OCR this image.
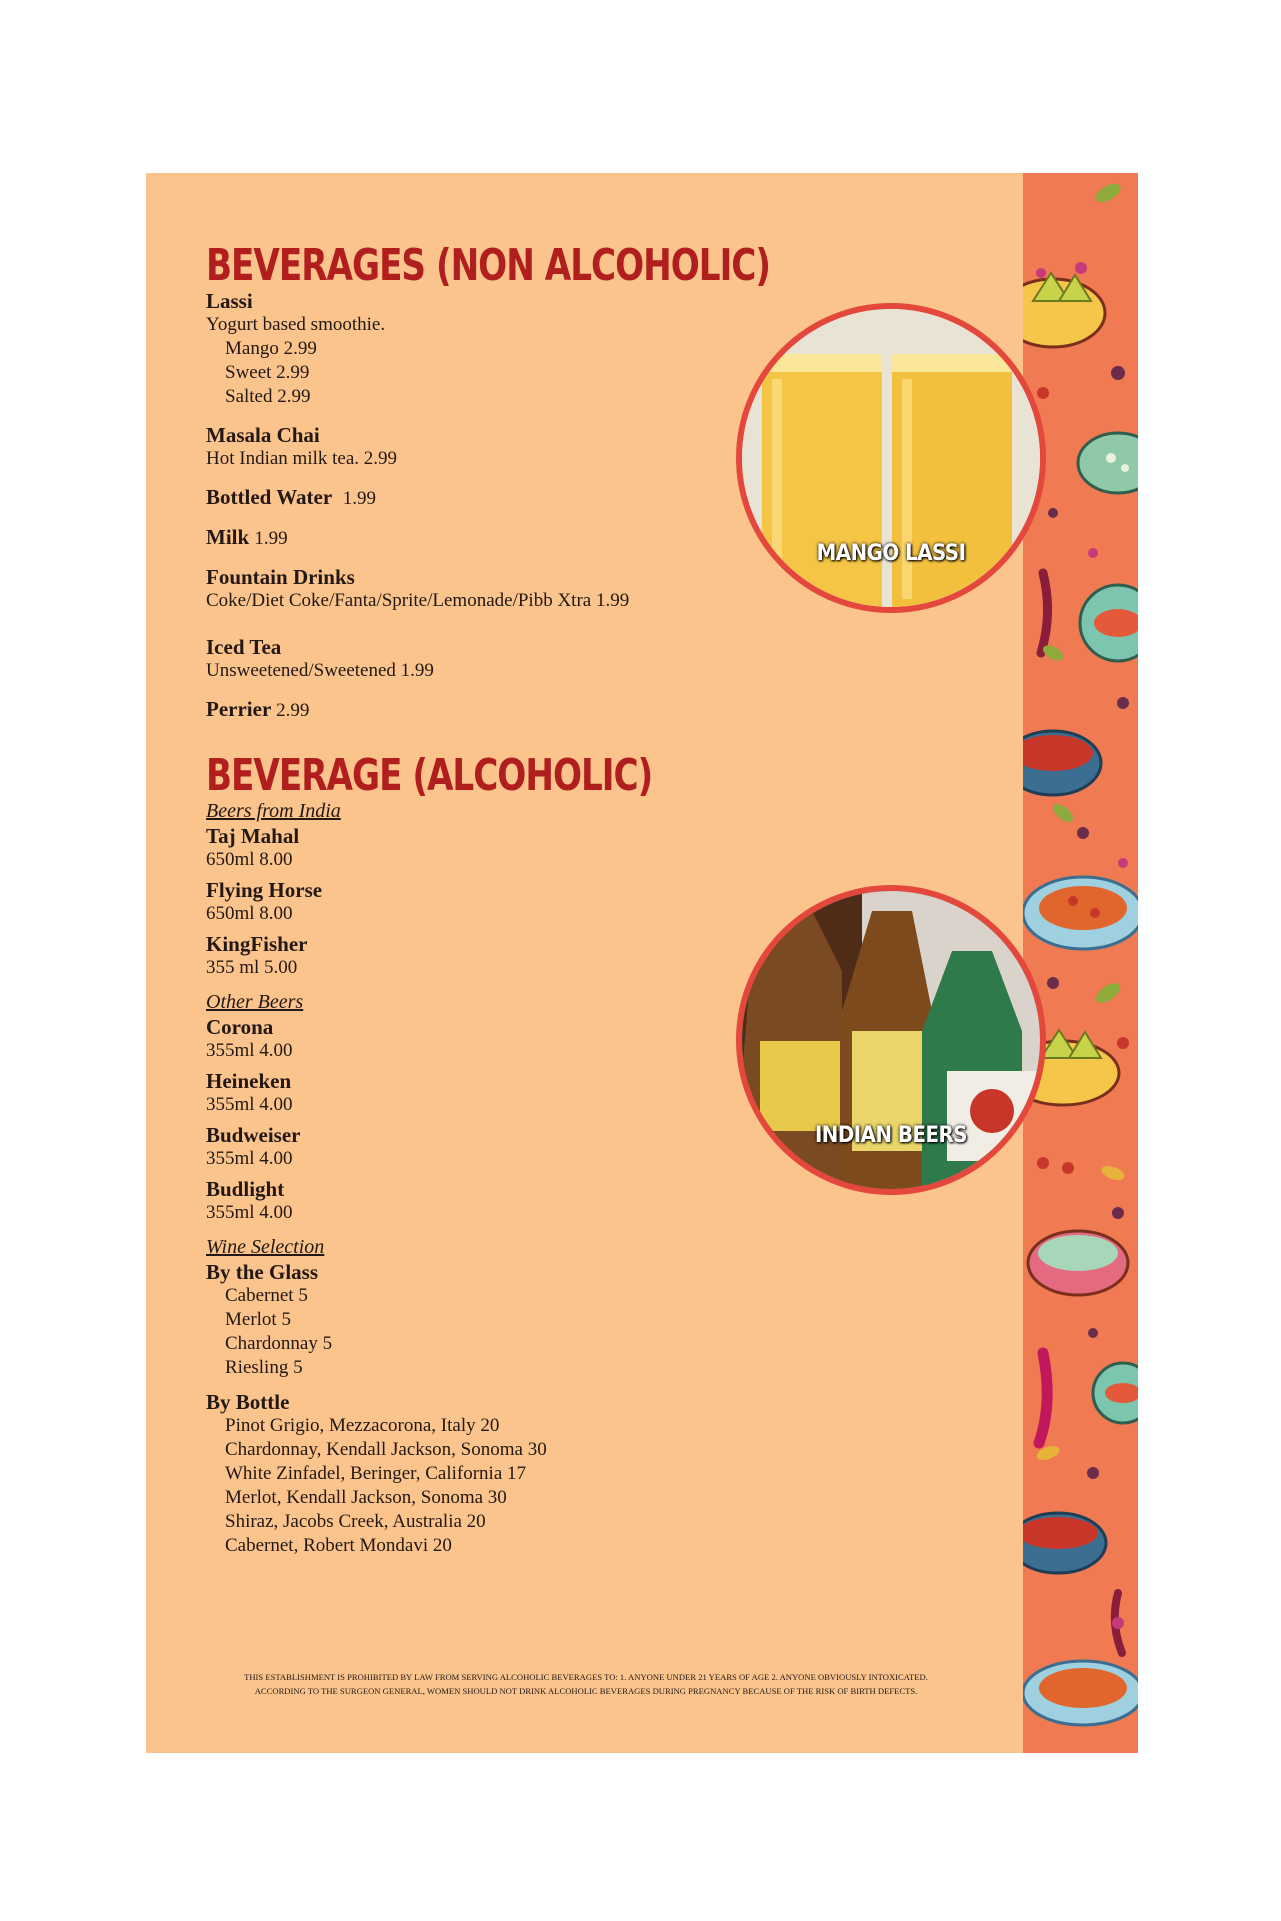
BEVERAGES (NON ALCOHOLIC)
Lassi
Yogurt based smoothie.
Mango 2.99
Sweet 2.99
Salted 2.99
Masala Chai
Hot Indian milk tea. 2.99
Bottled Water 1.99
Milk 1.99
Fountain Drinks
Coke/Diet Coke/Fanta/Sprite/Lemonade/Pibb Xtra 1.99
Iced Tea
Unsweetened/Sweetened 1.99
Perrier 2.99
BEVERAGE (ALCOHOLIC)
Beers from India
Taj Mahal
650ml 8.00
Flying Horse
650ml 8.00
KingFisher
355 ml 5.00
Other Beers
Corona
355ml 4.00
Heineken
355ml 4.00
Budweiser
355ml 4.00
Budlight
355ml 4.00
Wine Selection
By the Glass
Cabernet 5
Merlot 5
Chardonnay 5
Riesling 5
By Bottle
Pinot Grigio, Mezzacorona, Italy 20
Chardonnay, Kendall Jackson, Sonoma 30
White Zinfadel, Beringer, California 17
Merlot, Kendall Jackson, Sonoma 30
Shiraz, Jacobs Creek, Australia 20
Cabernet, Robert Mondavi 20
MANGO LASSI
INDIAN BEERS
THIS ESTABLISHMENT IS PROHIBITED BY LAW FROM SERVING ALCOHOLIC BEVERAGES TO: 1. ANYONE UNDER 21 YEARS OF AGE 2. ANYONE OBVIOUSLY INTOXICATED.
ACCORDING TO THE SURGEON GENERAL, WOMEN SHOULD NOT DRINK ALCOHOLIC BEVERAGES DURING PREGNANCY BECAUSE OF THE RISK OF BIRTH DEFECTS.
